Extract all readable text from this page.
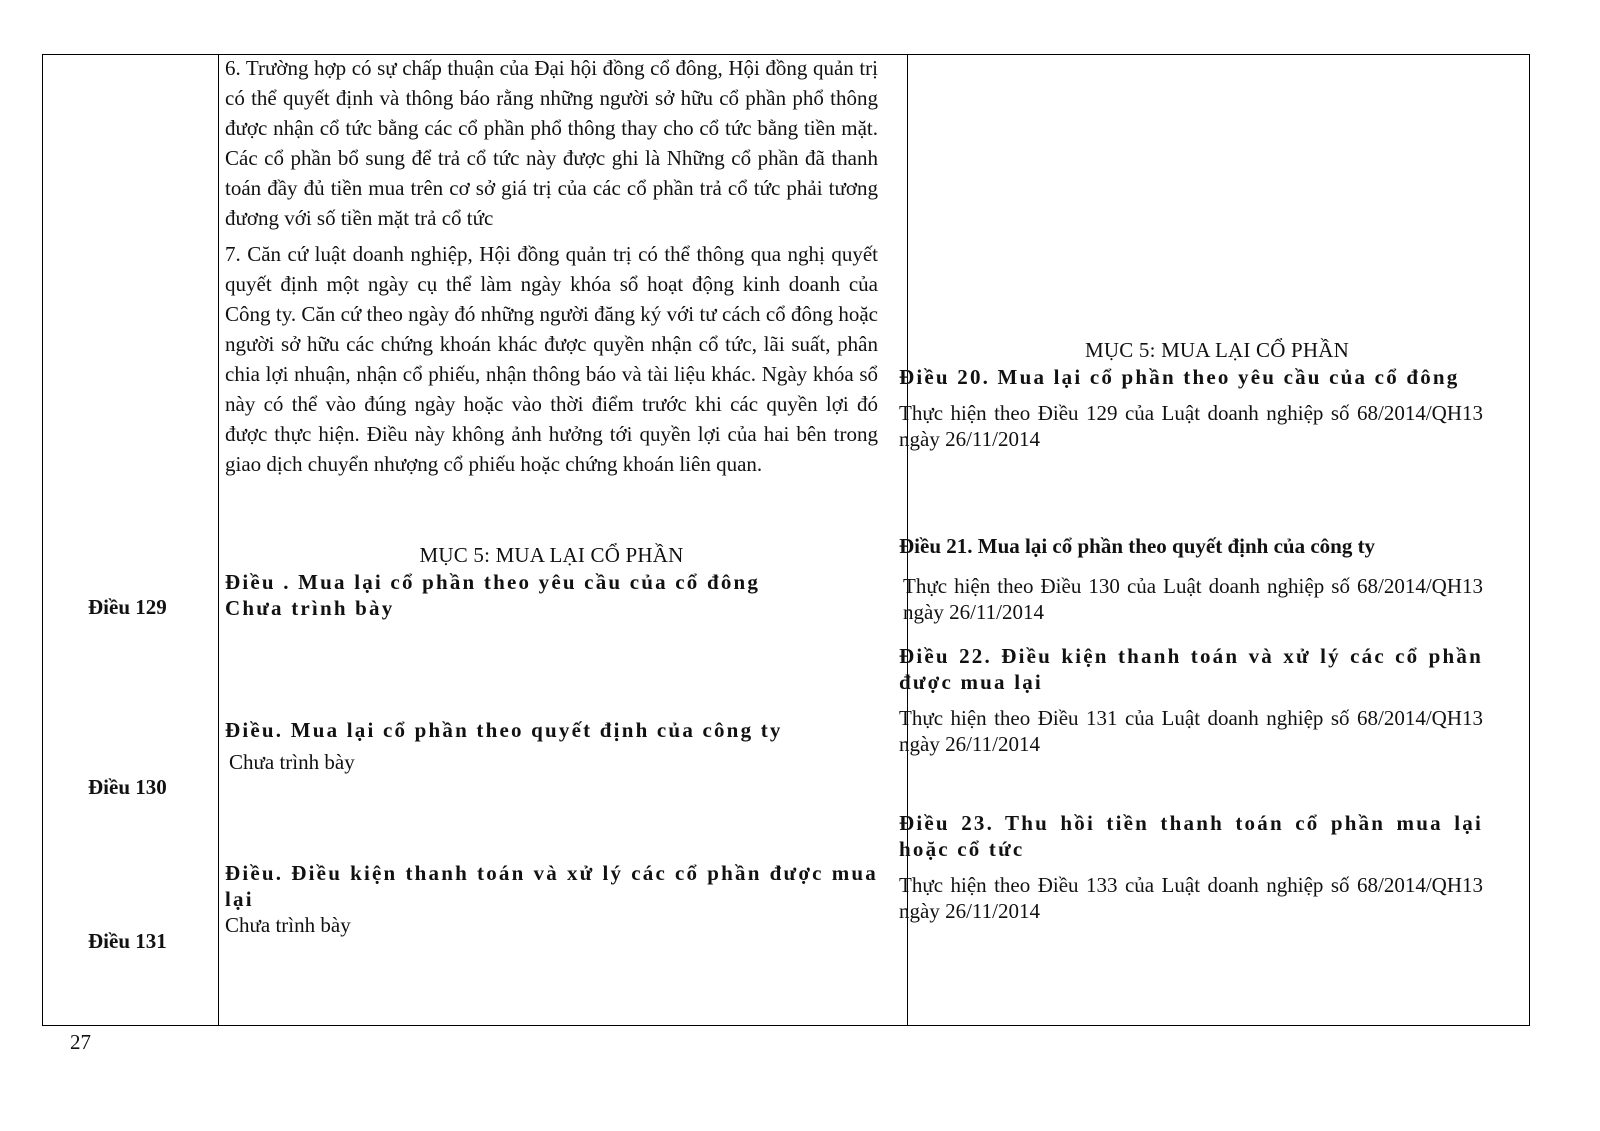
Điều 129
Điều 130
Điều 131

6. Trường hợp có sự chấp thuận của Đại hội đồng cổ đông, Hội đồng quản trị có thể quyết định và thông báo rằng những người sở hữu cổ phần phổ thông được nhận cổ tức bằng các cổ phần phổ thông thay cho cổ tức bằng tiền mặt. Các cổ phần bổ sung để trả cổ tức này được ghi là Những cổ phần đã thanh toán đầy đủ tiền mua trên cơ sở giá trị của các cổ phần trả cổ tức phải tương đương với số tiền mặt trả cổ tức

7. Căn cứ luật doanh nghiệp, Hội đồng quản trị có thể thông qua nghị quyết quyết định một ngày cụ thể làm ngày khóa sổ hoạt động kinh doanh của Công ty. Căn cứ theo ngày đó những người đăng ký với tư cách cổ đông hoặc người sở hữu các chứng khoán khác được quyền nhận cổ tức, lãi suất, phân chia lợi nhuận, nhận cổ phiếu, nhận thông báo và tài liệu khác. Ngày khóa sổ này có thể vào đúng ngày hoặc vào thời điểm trước khi các quyền lợi đó được thực hiện. Điều này không ảnh hưởng tới quyền lợi của hai bên trong giao dịch chuyển nhượng cổ phiếu hoặc chứng khoán liên quan.

MỤC 5: MUA LẠI CỔ PHẦN

Điều . Mua lại cổ phần theo yêu cầu của cổ đông

Chưa trình bày

Điều. Mua lại cổ phần theo quyết định của công ty

Chưa trình bày

Điều. Điều kiện thanh toán và xử lý các cổ phần được mua lại

Chưa trình bày

MỤC 5: MUA LẠI CỔ PHẦN

Điều 20. Mua lại cổ phần theo yêu cầu của cổ đông

Thực hiện theo Điều 129 của Luật doanh nghiệp số 68/2014/QH13 ngày 26/11/2014

Điều 21. Mua lại cổ phần theo quyết định của công ty

Thực hiện theo Điều 130 của Luật doanh nghiệp số 68/2014/QH13 ngày 26/11/2014

Điều 22. Điều kiện thanh toán và xử lý các cổ phần được mua lại

Thực hiện theo Điều 131 của Luật doanh nghiệp số 68/2014/QH13 ngày 26/11/2014

Điều 23. Thu hồi tiền thanh toán cổ phần mua lại hoặc cổ tức

Thực hiện theo Điều 133 của Luật doanh nghiệp số 68/2014/QH13 ngày 26/11/2014

27
